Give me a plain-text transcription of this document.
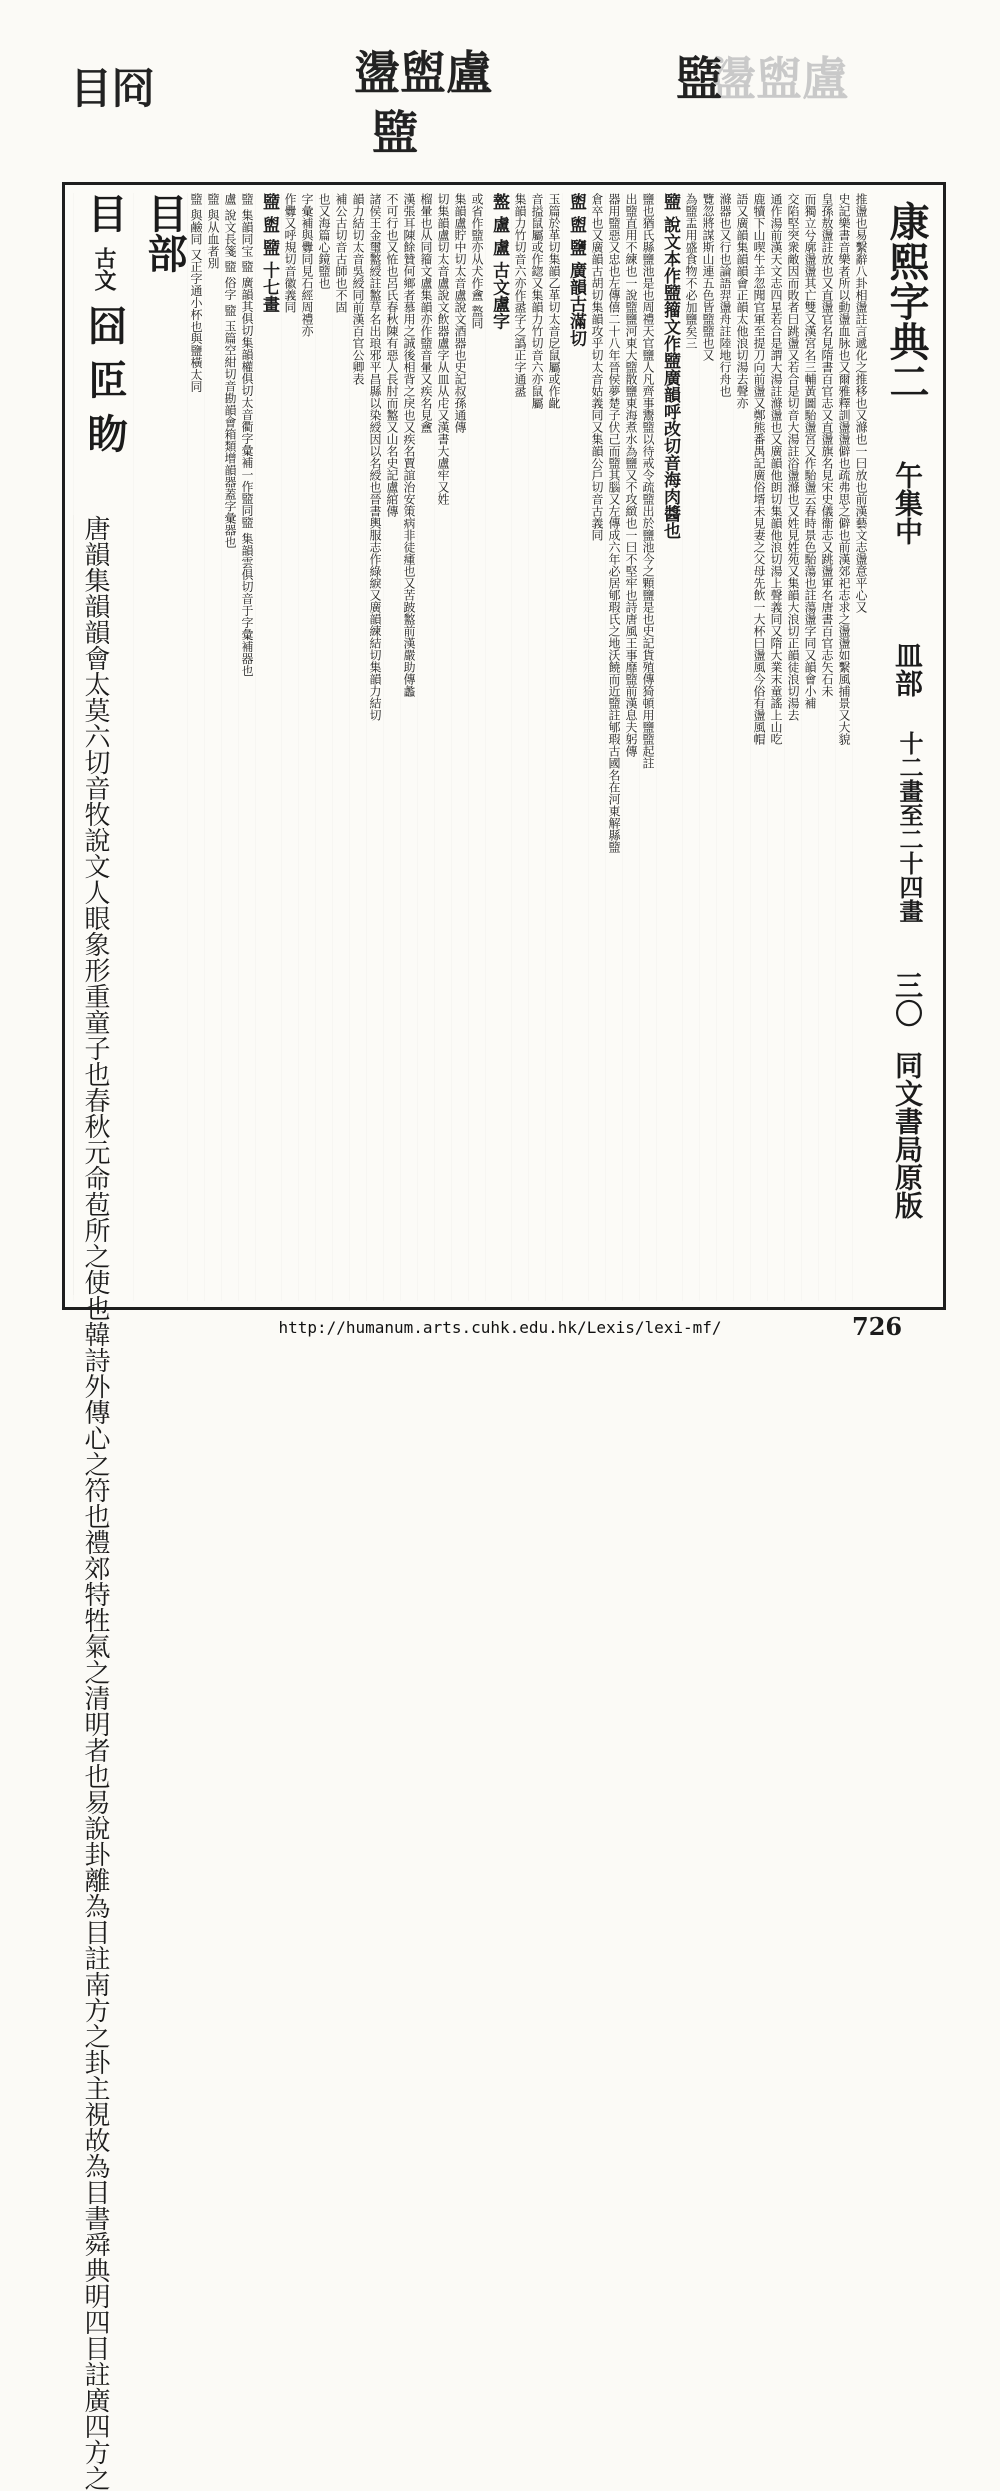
目冏	盪盥盧
盬
盪盥盧
盬
康熙字典二
午集中
皿部
十二畫至二十四畫
三〇
同文書局原版
推盪也易繫辭八卦相盪註言遞化之推移也又滌也一曰放也前漢藝文志盪意平心又
史記樂書音樂者所以動盪血脉也又爾雅釋訓盪盪僻也疏弗思之僻也前漢郊祀志求之盪盪如繫風捕景又大貌
皇孫敖盪註放也又直盪官名見隋書百官志又直盪旗名見宋史儀衞志又跳盪軍名唐書百官志矢石未
而獨立兮廓盪盪其亡雙又漢宮名三輔黃圖駘盪宮又作駘盪云春時景色駘蕩也註蕩盪字同又韻會小補
交陷堅突衆敵因而敗者曰跳盪又若合是切音大湯註浴盪滌也又姓見姓苑又集韻大浪切正韻徒浪切湯去
通作湯前漢天文志四星若合是謂大湯註滌盪也又廣韻他朗切集韻他浪切湯上聲義同又隋大業末童謠上山吃
鹿犢下山喫牛羊忽聞官軍至提刀向前盪又鄭熊番禺記廣俗壻未見妻之父母先飲一大杯曰盪風今俗有盪風帽
語又廣韻集韻韻會正韻太他浪切湯去聲亦
滌器也又行也論語羿盪舟註陸地行舟也
覽忽將謀斯山連五色皆盬盬也又
為盬盂用盛食物不必加鹽矣三
盬 說文本作盬籀文作盬廣韻呼改切音海肉醬也
鹽也猶氏縣鹽池是也周禮天官鹽人凡齊事鬻盬以待戒令疏盬出於鹽池今之顆鹽是也史記貨殖傳猗頓用鹽盬起註
出盬直用不練也一說盬鹽河東大盬散鹽東海煮水為鹽又不攻緻也一曰不堅牢也詩唐風王事靡盬前漢息夫躬傳
器用盬惡又忠也左傳僖二十八年晉侯夢楚子伏己而盬其腦又左傳成六年必居郇瑕氏之地沃饒而近盬註郇瑕古國名在河東解縣盬
倉卒也又廣韻古胡切集韻攻乎切太音姑義同又集韻公戶切音古義同
盥 盥 鹽 廣韻古滿切
玉篇於革切集韻乙革切太音戹鼠屬或作齔
音搤鼠屬或作鍃又集韻力竹切音六亦鼠屬
集韻力竹切音六亦作盝字之譌正字通盝
盩 盧 盧 古文盧字
或省作盬亦从犬作盦 盩同
集韻盧貯中切太音盧說文酒器也史記叔孫通傳
切集韻盧切太音盧說文飲器盧字从皿从虍又漢書大盧牢又姓
榴暈也从同籀文盧集韻亦作盬音暈又疾名見盦
漢張耳陳餘贊何鄉者慕用之誠後相背之戾也又疾名賈誼治安策病非徒瘇也又苦跛盭前漢嚴助傳蠡
不可行也又恠也呂氏春秋陳有惡人長肘而盭又山名史記盧綰傳
諸侯王金璽盭綬註盭草名出琅邪平昌縣以染綬因以名綬也晉書輿服志作綠綟又廣韻練結切集韻力結切
韻力結切太音吳綬同前漢百官公卿表
補公古切音古師也不固
也又海篇心鏡盬也
字彙補與釁同見石經周禮亦
作釁又呼規切音徽義同
盬 盥 盬 十七畫
盬 集韻同宝 盬 廣韻其俱切集韻權俱切太音衢字彙補一作盬同盬 集韻雲俱切音于字彙補器也
盧 說文長箋 盬 俗字 盬 玉篇空紺切音勘韻會箱類增韻器蓋字彙器也
盬 與从血者別
盬 與鹼同 又正字通小杯也與鹽橫太同
目部
目 古文 囧 𦣝 䀛
唐韻集韻韻會太莫六切音牧說文人眼象形重童子也春秋元命苞所之使也韓詩外傳心之符也禮郊特牲氣之清明者也易說卦離為目註南方之卦主視故為目書舜典明四目註廣四方之	http://humanum.arts.cuhk.edu.hk/Lexis/lexi-mf/	726
